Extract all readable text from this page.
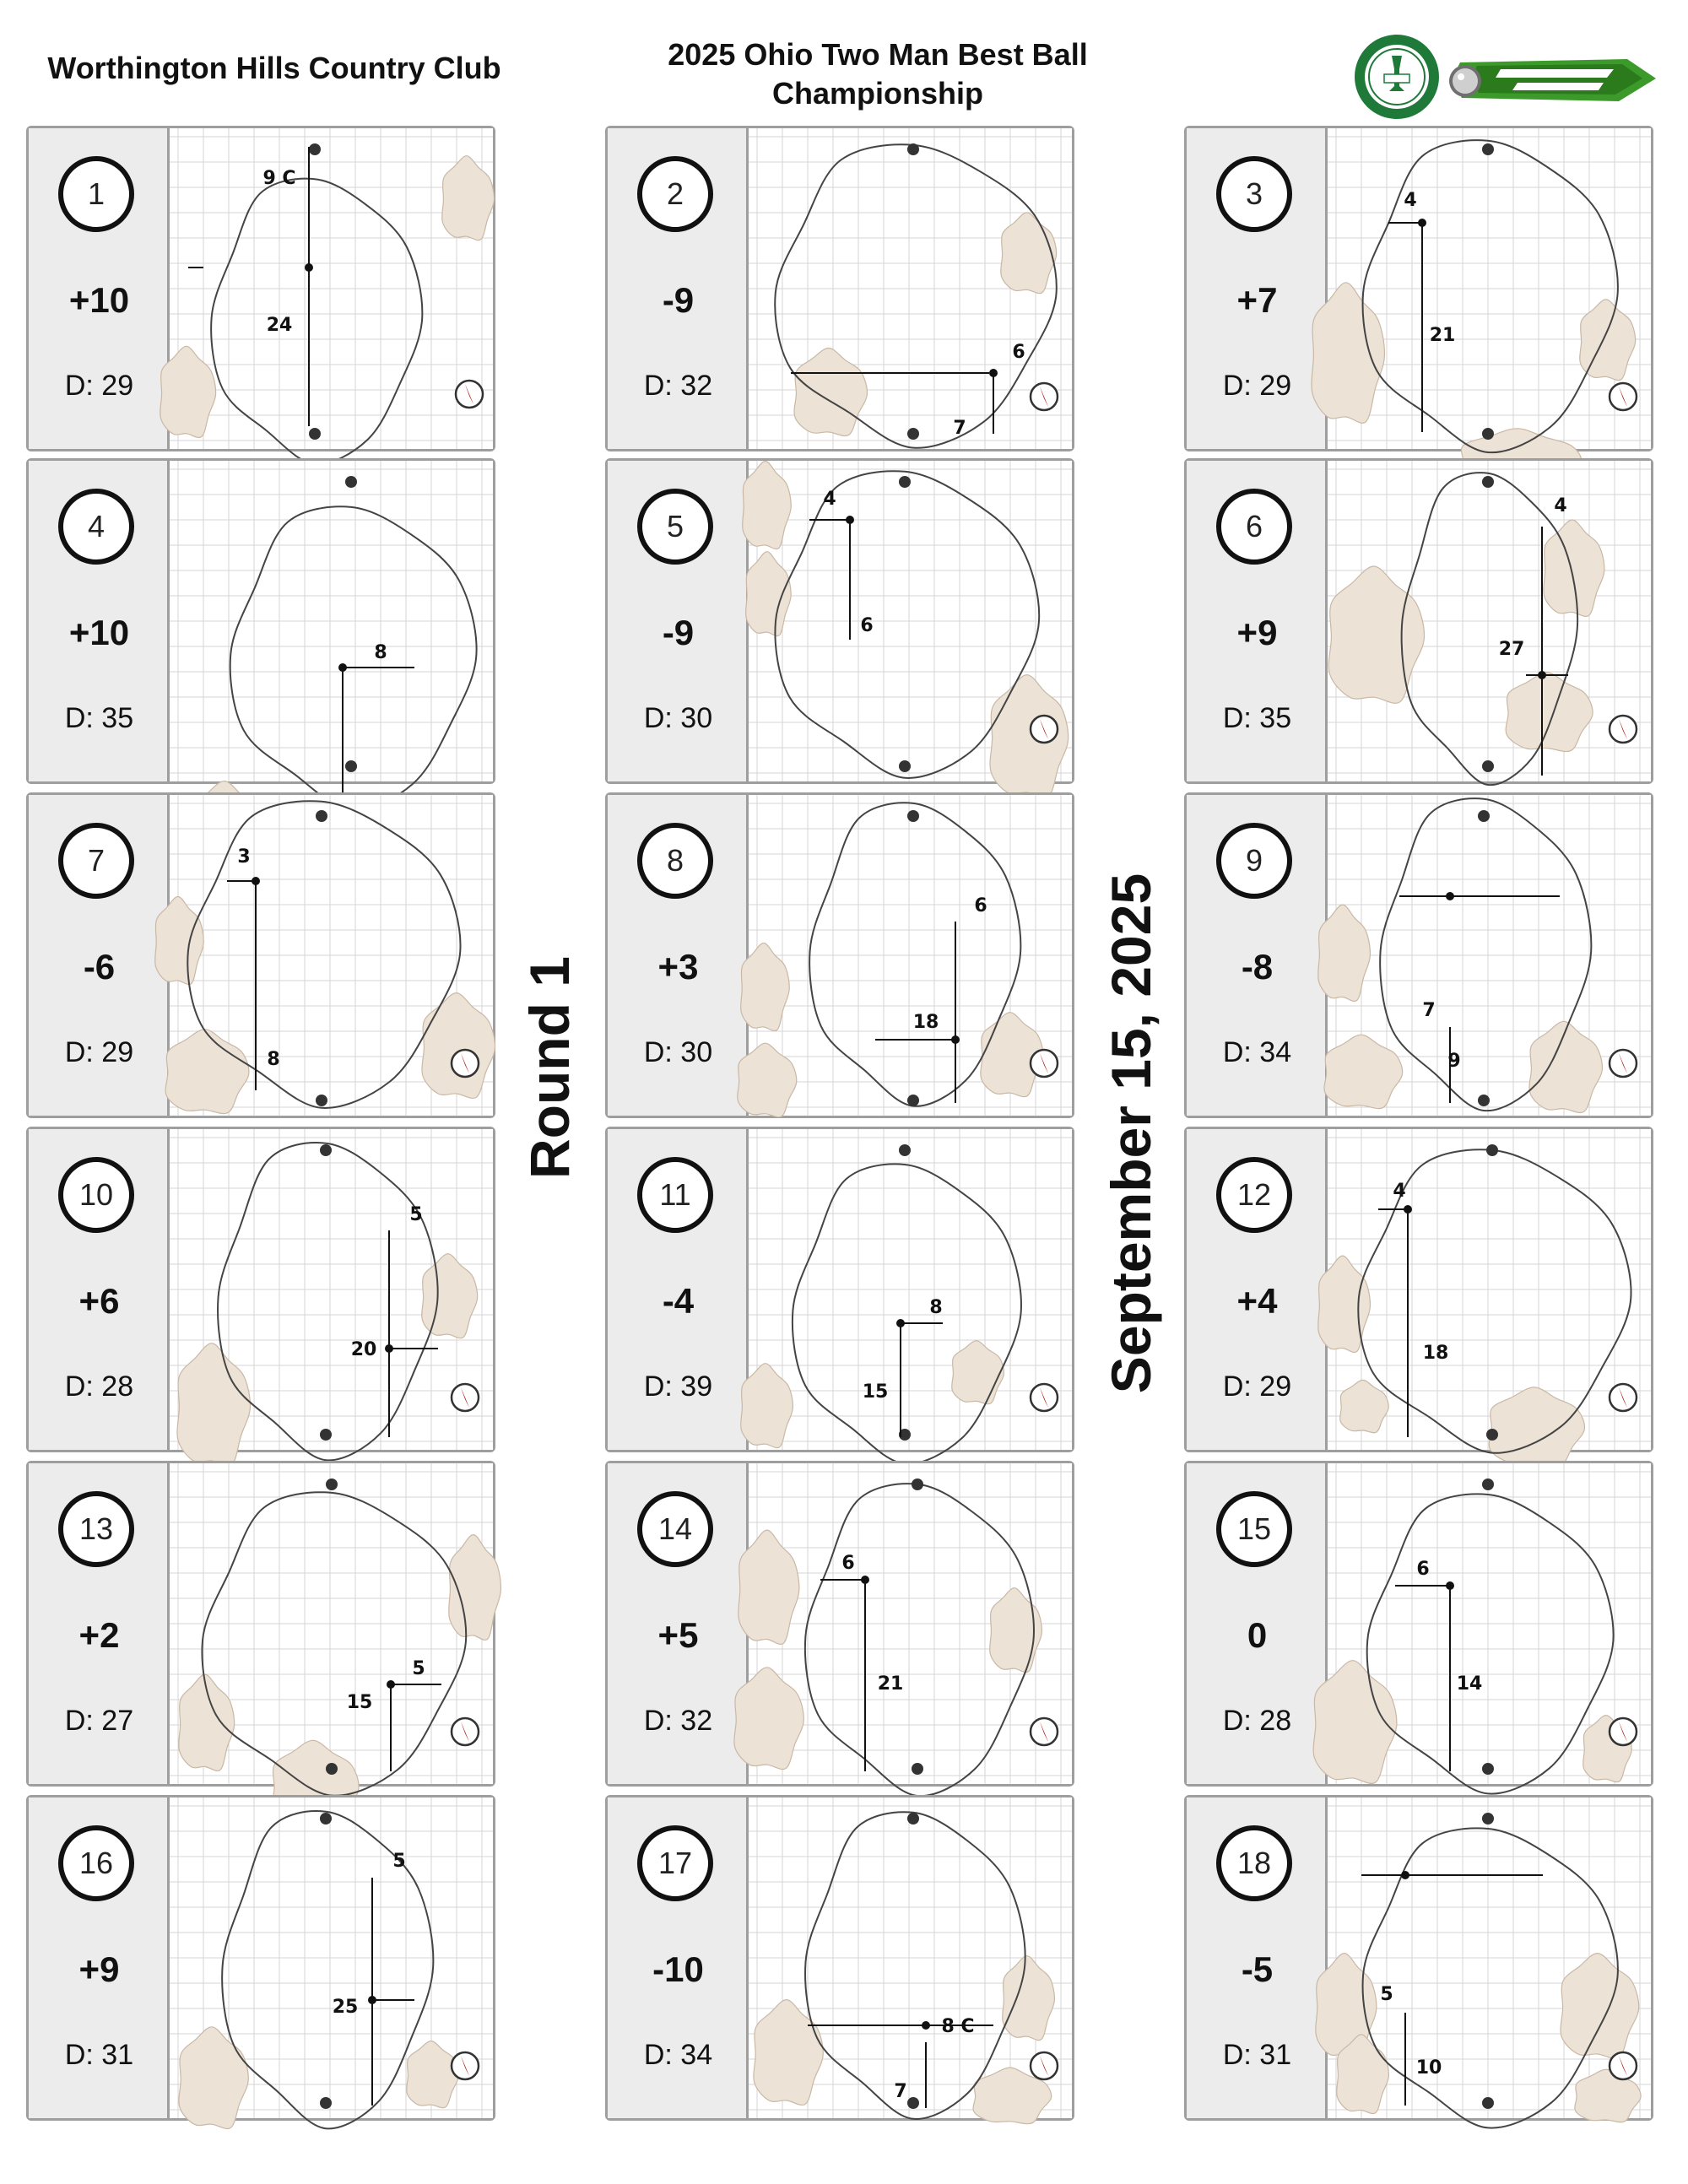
Worthington Hills Country Club	2025 Ohio Two Man Best Ball
Championship
Round 1	September 15, 2025
1
+10
D: 29
9 C
24
2
-9
D: 32
6
7
3
+7
D: 29
4
21
4
+10
D: 35
8
5
-9
D: 30
4
6
6
+9
D: 35
4
27
7
-6
D: 29
3
8
8
+3
D: 30
6
18
9
-8
D: 34
7
9
10
+6
D: 28
5
20
11
-4
D: 39
8
15
12
+4
D: 29
4
18
13
+2
D: 27
5
15
14
+5
D: 32
6
21
15
0
D: 28
6
14
16
+9
D: 31
5
25
17
-10
D: 34
8 C
7
18
-5
D: 31
5
10
